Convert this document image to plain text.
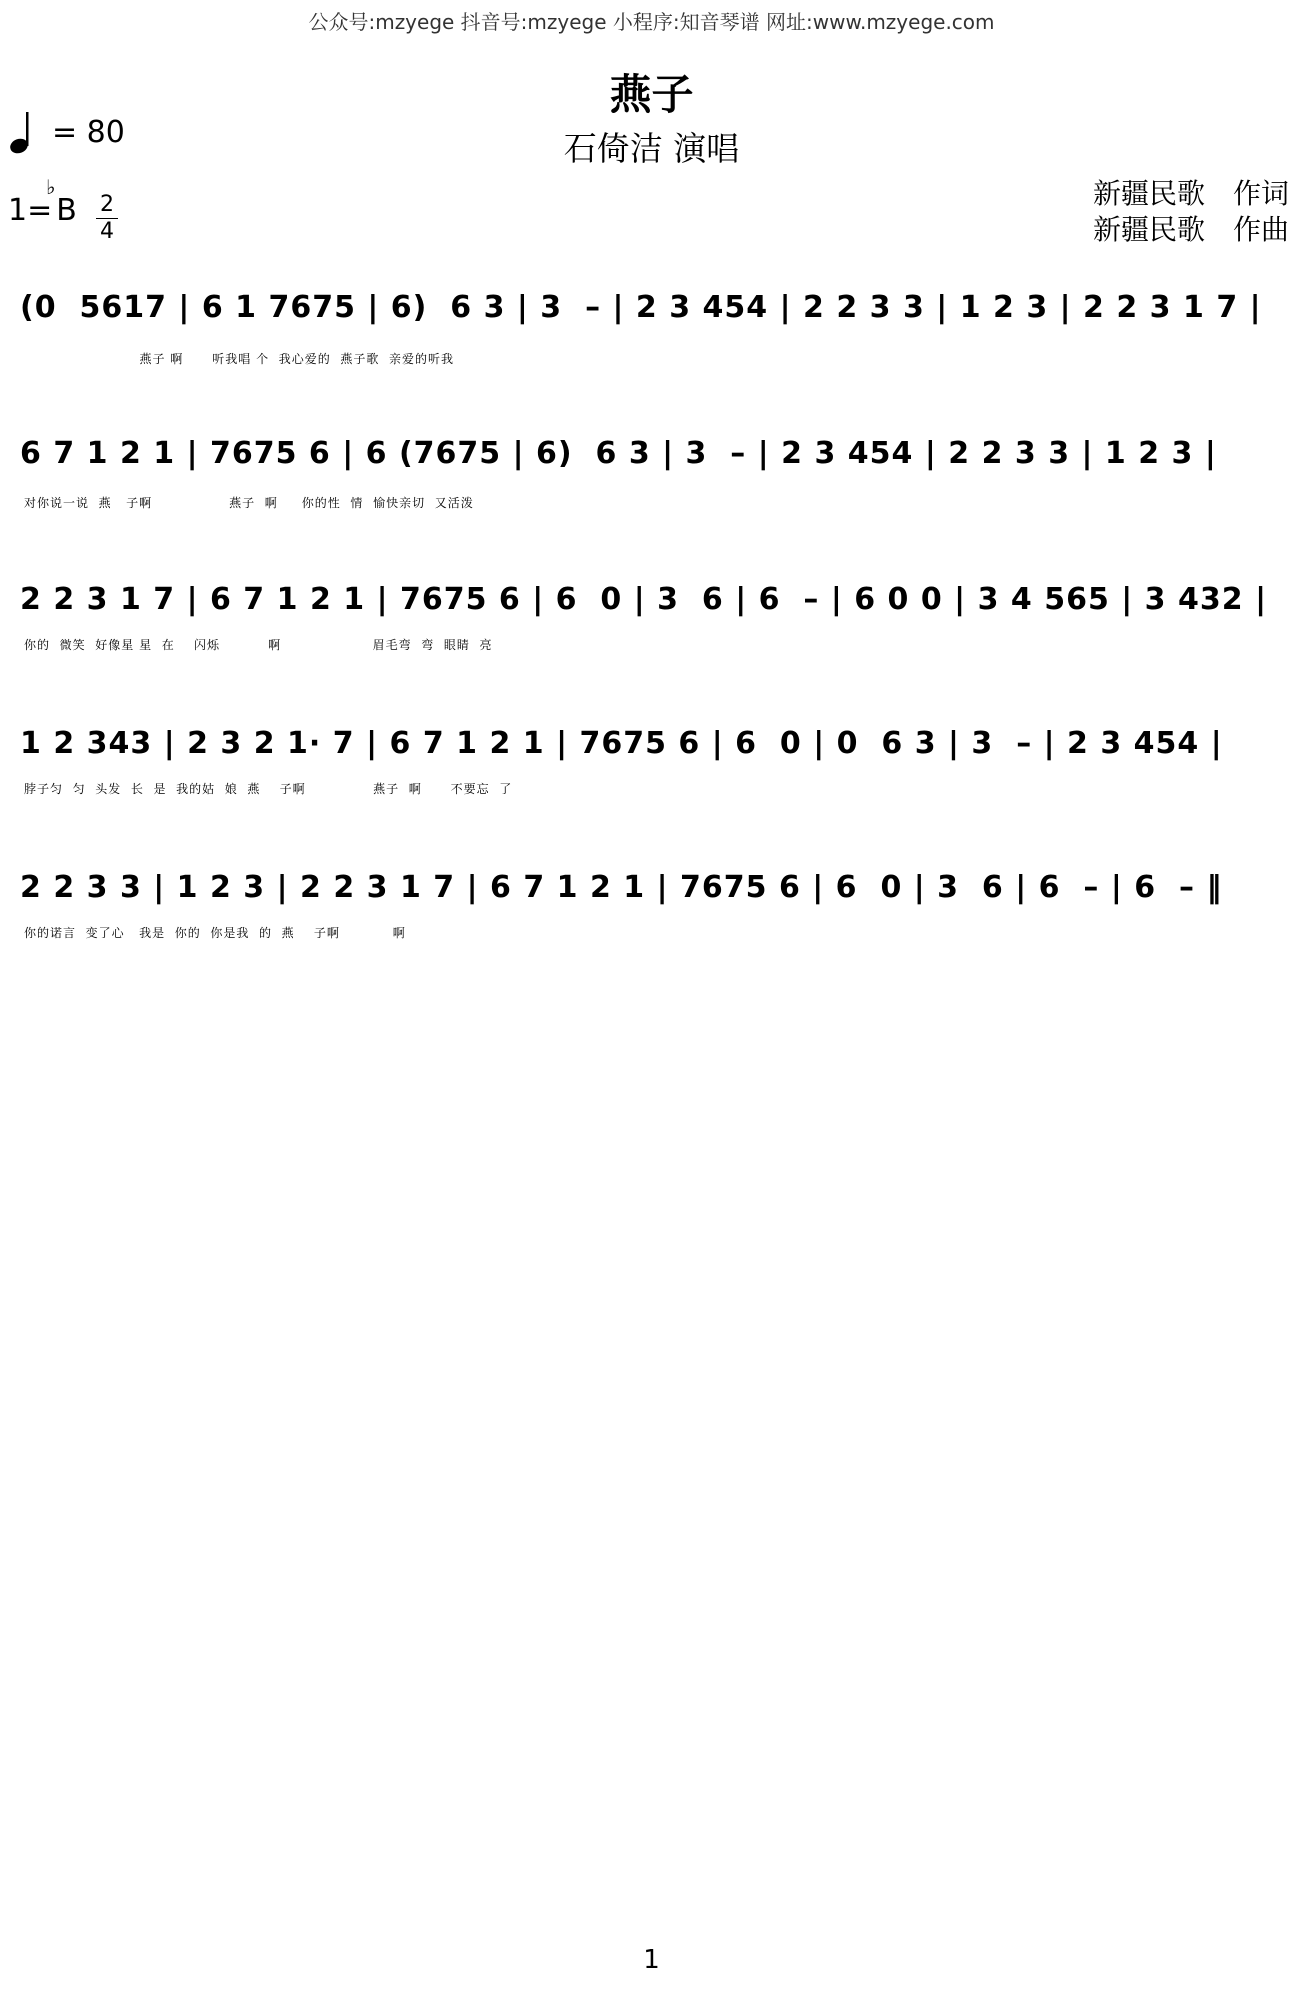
公众号:mzyege 抖音号:mzyege 小程序:知音琴谱 网址:www.mzyege.com
燕子
石倚洁 演唱
= 80
1=
♭
B 2
4
新疆民歌 作词
新疆民歌 作曲
(0  5617 | 6 1 7675 | 6)  6 3 | 3  – | 2 3 454 | 2 2 3 3 | 1 2 3 | 2 2 3 1 7 |
燕子 啊      听我唱 个  我心爱的  燕子歌  亲爱的听我
6 7 1 2 1 | 7675 6 | 6 (7675 | 6)  6 3 | 3  – | 2 3 454 | 2 2 3 3 | 1 2 3 |
对你说一说  燕   子啊                燕子  啊     你的性  情  愉快亲切  又活泼
2 2 3 1 7 | 6 7 1 2 1 | 7675 6 | 6  0 | 3  6 | 6  – | 6 0 0 | 3 4 565 | 3 432 |
你的  微笑  好像星 星  在    闪烁          啊                   眉毛弯  弯  眼睛  亮
1 2 343 | 2 3 2 1· 7 | 6 7 1 2 1 | 7675 6 | 6  0 | 0  6 3 | 3  – | 2 3 454 |
脖子匀  匀  头发  长  是  我的姑  娘  燕    子啊              燕子  啊      不要忘  了
2 2 3 3 | 1 2 3 | 2 2 3 1 7 | 6 7 1 2 1 | 7675 6 | 6  0 | 3  6 | 6  – | 6  – ‖
你的诺言  变了心   我是  你的  你是我  的  燕    子啊           啊
1
